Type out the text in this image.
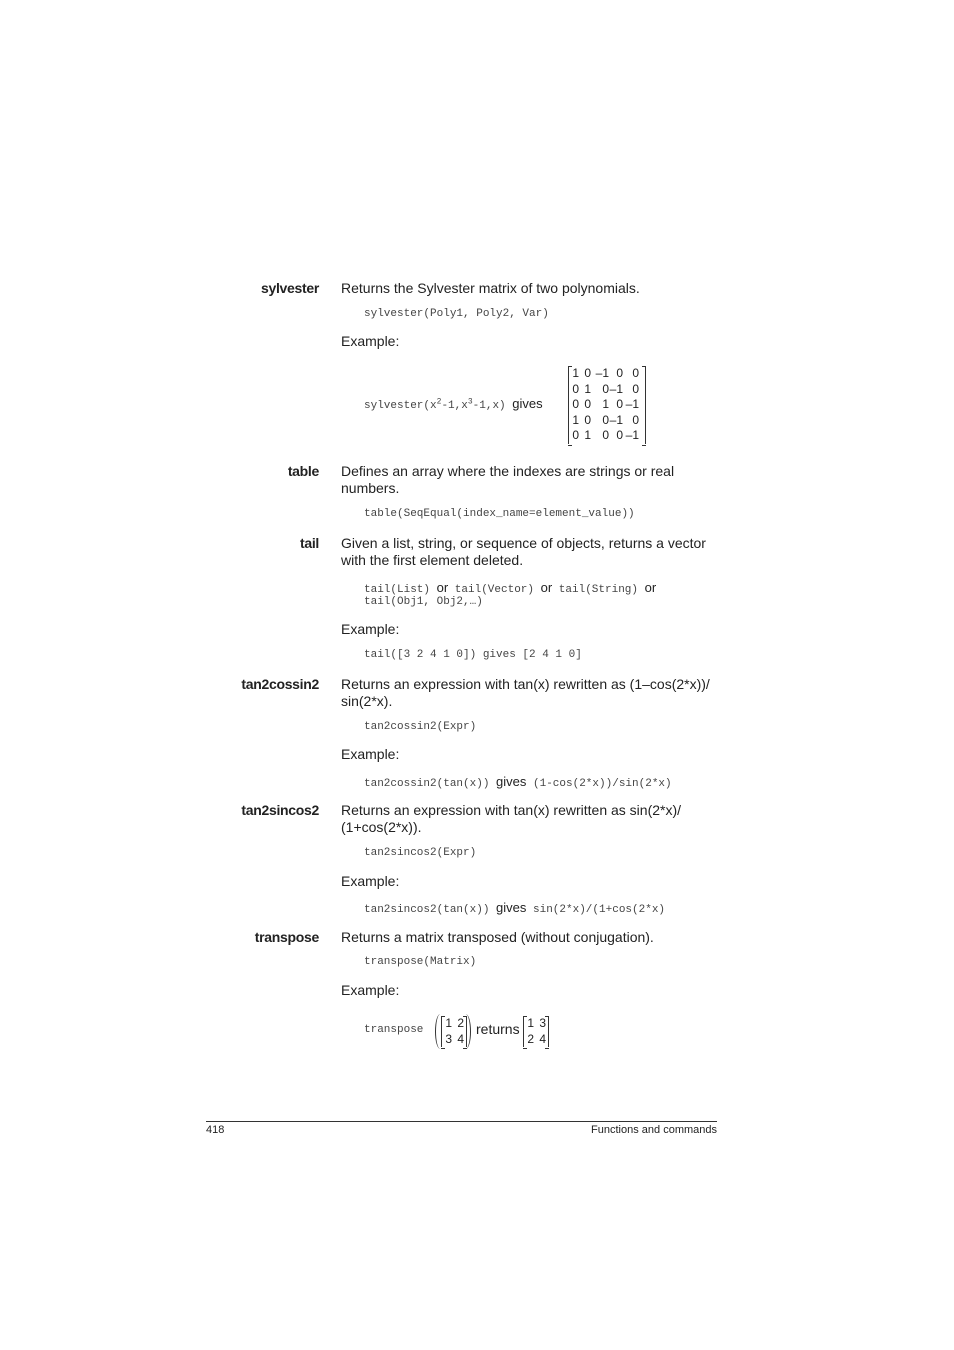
sylvester Returns the Sylvester matrix of two polynomials.
sylvester(Poly1, Poly2, Var)
Example:
$sylvester(x^2-1,x^3-1,x)$ gives
1 0 –1 0 0
0 1 0 –1 0
0 0 1 0 –1
1 0 0 –1 0
0 1 0 0 –1
table Defines an array where the indexes are strings or real numbers.
table(SeqEqual(index_name=element_value))
tail Given a list, string, or sequence of objects, returns a vector with the first element deleted.
tail(List) or tail(Vector) or tail(String) or
tail(Obj1, Obj2,…)
Example:
tail([3 2 4 1 0]) gives [2 4 1 0]
tan2cossin2 Returns an expression with tan(x) rewritten as (1–cos(2*x))/ sin(2*x).
tan2cossin2(Expr)
Example:
tan2cossin2(tan(x)) gives (1-cos(2*x))/sin(2*x)
tan2sincos2 Returns an expression with tan(x) rewritten as sin(2*x)/ (1+cos(2*x)).
tan2sincos2(Expr)
Example:
tan2sincos2(tan(x)) gives sin(2*x)/(1+cos(2*x)
transpose Returns a matrix transposed (without conjugation).
transpose(Matrix)
Example:
transpose 1 2
3 4
returns 1 3
2 4
418	Functions and commands
